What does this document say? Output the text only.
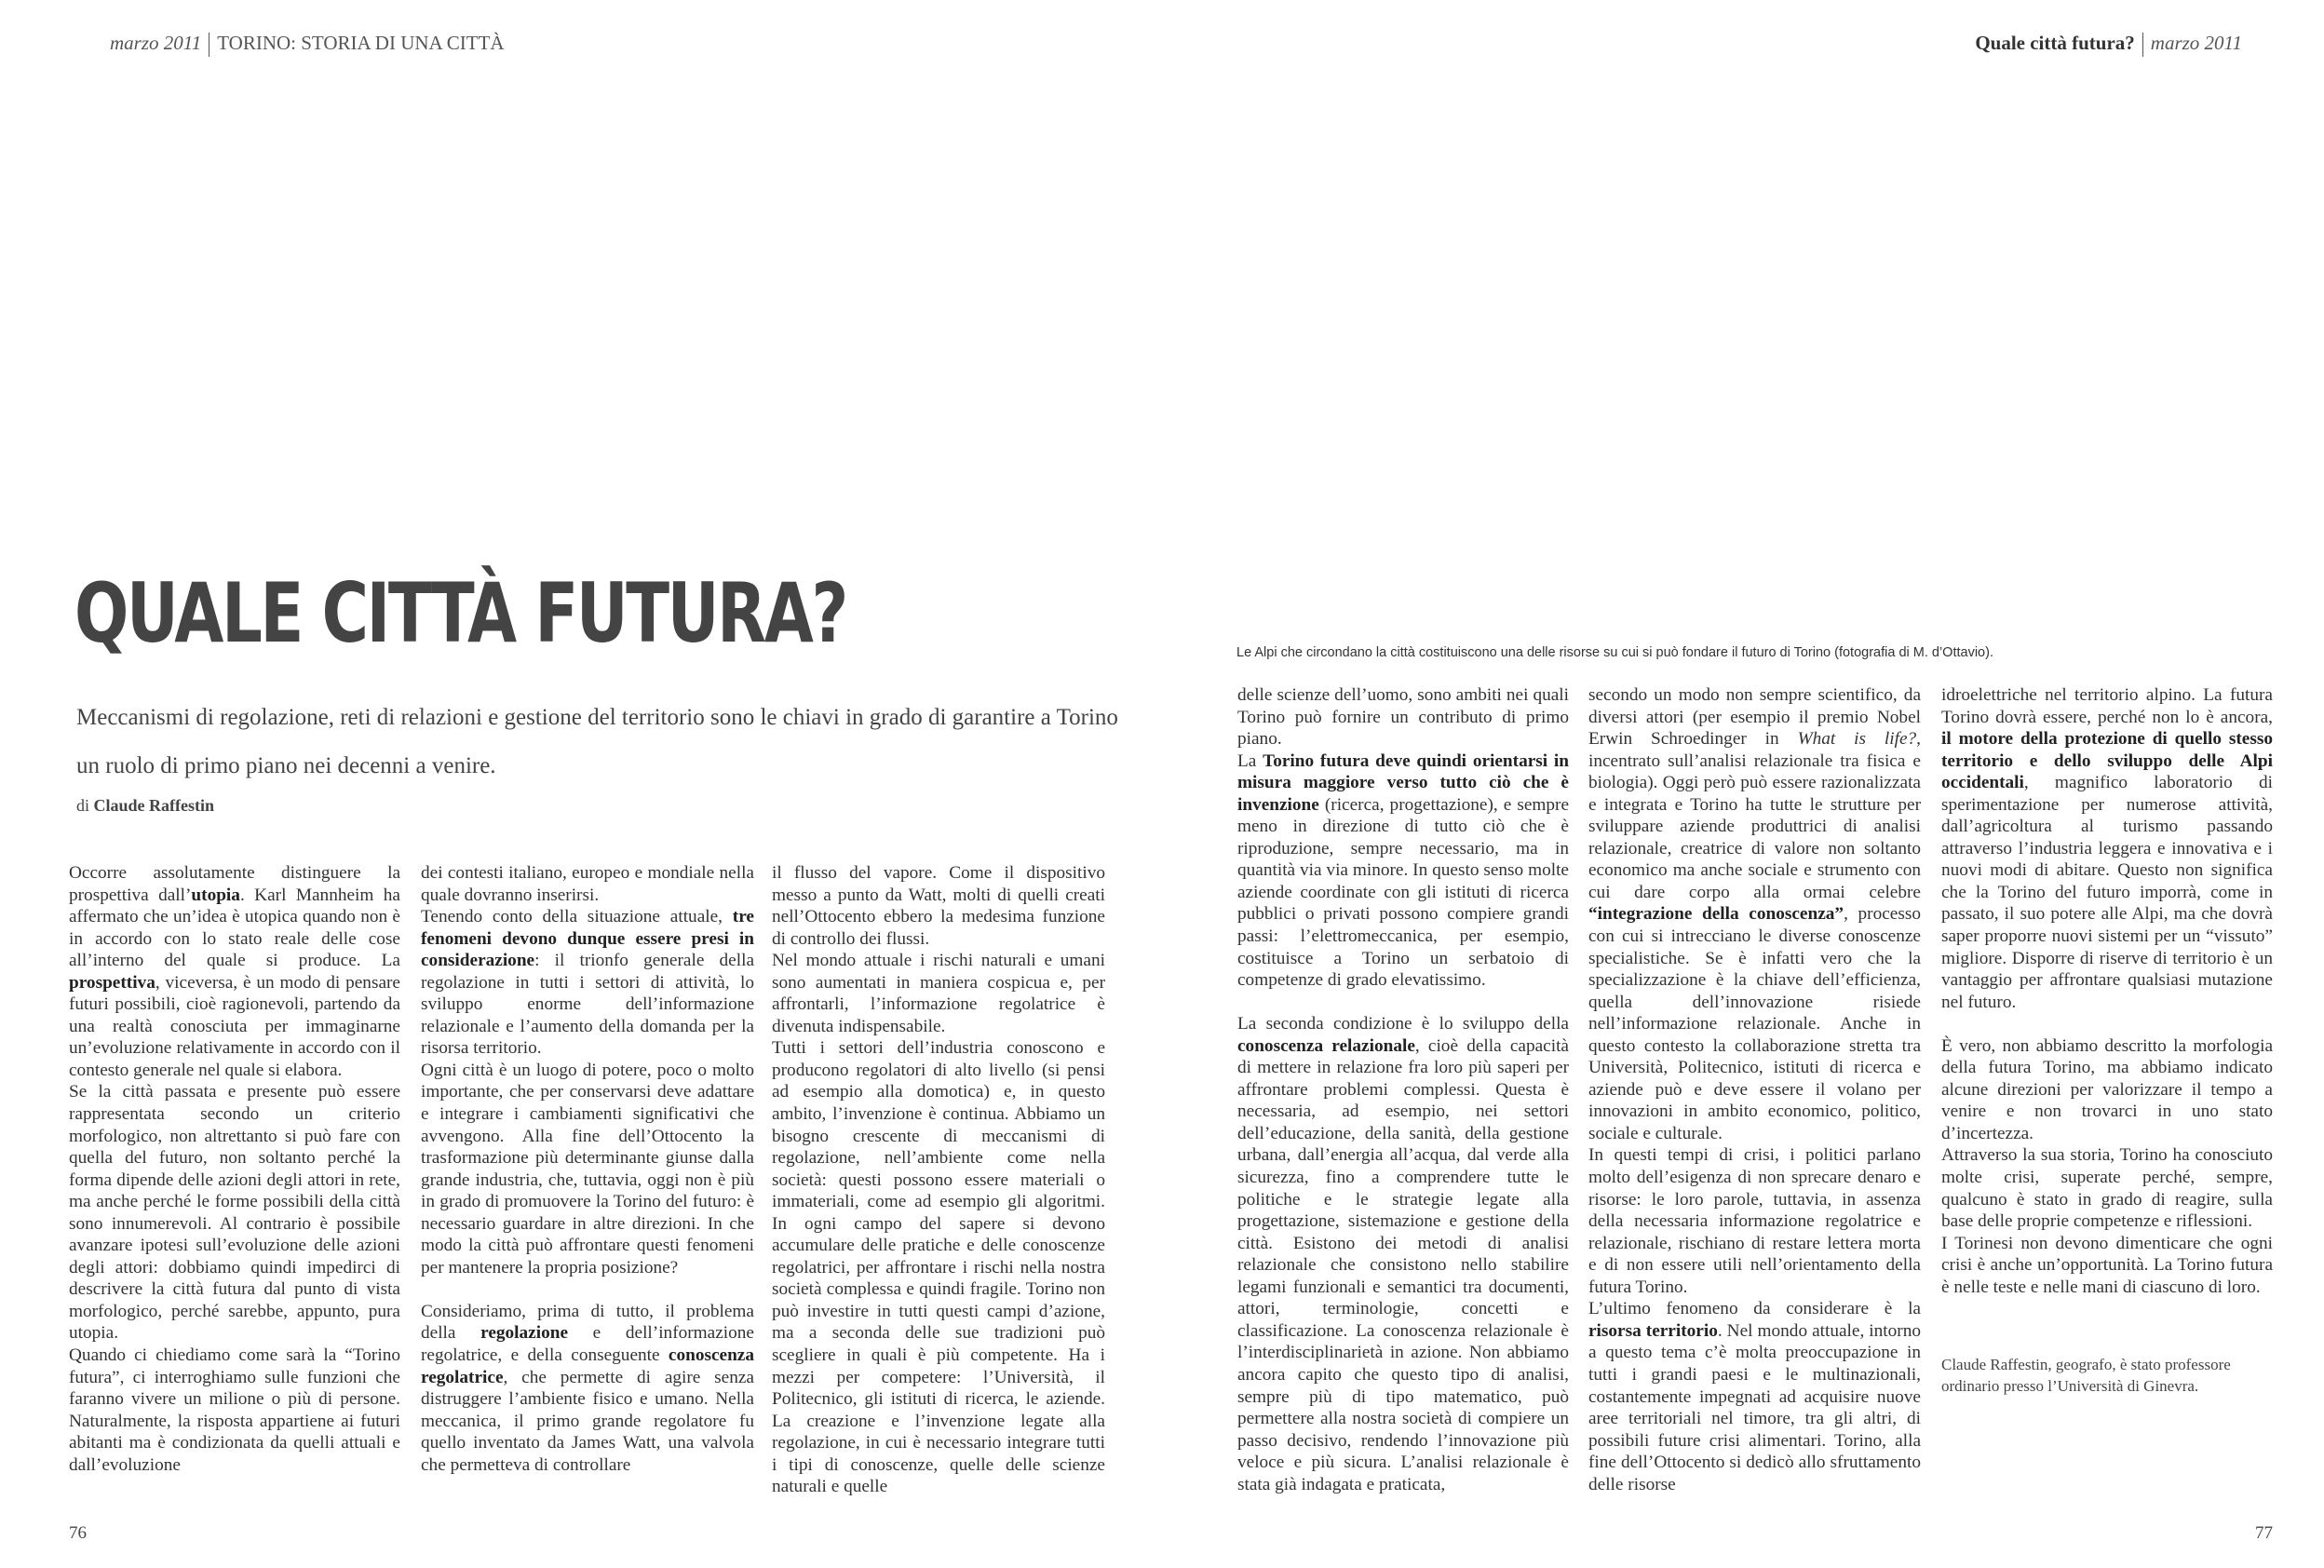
marzo 2011 TORINO: STORIA DI UNA CITTÀ	Quale città futura? marzo 2011
QUALE CITTÀ FUTURA?	Le Alpi che circondano la città costituiscono una delle risorse su cui si può fondare il futuro di Torino (fotografia di M. d’Ottavio).
Meccanismi di regolazione, reti di relazioni e gestione del territorio sono le chiavi in grado di garantire a Torino un ruolo di primo piano nei decenni a venire.
di Claude Raffestin

Occorre assolutamente distinguere la prospettiva dall’utopia. Karl Mannheim ha affermato che un’idea è utopica quando non è in accordo con lo stato reale delle cose all’interno del quale si produce. La prospettiva, viceversa, è un modo di pensare futuri possibili, cioè ragionevoli, partendo da una realtà conosciuta per immaginarne un’evoluzione relativamente in accordo con il contesto generale nel quale si elabora.

Se la città passata e presente può essere rappresentata secondo un criterio morfologico, non altrettanto si può fare con quella del futuro, non soltanto perché la forma dipende delle azioni degli attori in rete, ma anche perché le forme possibili della città sono innumerevoli. Al contrario è possibile avanzare ipotesi sull’evoluzione delle azioni degli attori: dobbiamo quindi impedirci di descrivere la città futura dal punto di vista morfologico, perché sarebbe, appunto, pura utopia.

Quando ci chiediamo come sarà la “Torino futura”, ci interroghiamo sulle funzioni che faranno vivere un milione o più di persone. Naturalmente, la risposta appartiene ai futuri abitanti ma è condizionata da quelli attuali e dall’evoluzione

dei contesti italiano, europeo e mondiale nella quale dovranno inserirsi.

Tenendo conto della situazione attuale, tre fenomeni devono dunque essere presi in considerazione: il trionfo generale della regolazione in tutti i settori di attività, lo sviluppo enorme dell’informazione relazionale e l’aumento della domanda per la risorsa territorio.

Ogni città è un luogo di potere, poco o molto importante, che per conservarsi deve adattare e integrare i cambiamenti significativi che avvengono. Alla fine dell’Ottocento la trasformazione più determinante giunse dalla grande industria, che, tuttavia, oggi non è più in grado di promuovere la Torino del futuro: è necessario guardare in altre direzioni. In che modo la città può affrontare questi fenomeni per mantenere la propria posizione?

Consideriamo, prima di tutto, il problema della regolazione e dell’informazione regolatrice, e della conseguente conoscenza regolatrice, che permette di agire senza distruggere l’ambiente fisico e umano. Nella meccanica, il primo grande regolatore fu quello inventato da James Watt, una valvola che permetteva di controllare

il flusso del vapore. Come il dispositivo messo a punto da Watt, molti di quelli creati nell’Ottocento ebbero la medesima funzione di controllo dei flussi.

Nel mondo attuale i rischi naturali e umani sono aumentati in maniera cospicua e, per affrontarli, l’informazione regolatrice è divenuta indispensabile.

Tutti i settori dell’industria conoscono e producono regolatori di alto livello (si pensi ad esempio alla domotica) e, in questo ambito, l’invenzione è continua. Abbiamo un bisogno crescente di meccanismi di regolazione, nell’ambiente come nella società: questi possono essere materiali o immateriali, come ad esempio gli algoritmi. In ogni campo del sapere si devono accumulare delle pratiche e delle conoscenze regolatrici, per affrontare i rischi nella nostra società complessa e quindi fragile. Torino non può investire in tutti questi campi d’azione, ma a seconda delle sue tradizioni può scegliere in quali è più competente. Ha i mezzi per competere: l’Università, il Politecnico, gli istituti di ricerca, le aziende. La creazione e l’invenzione legate alla regolazione, in cui è necessario integrare tutti i tipi di conoscenze, quelle delle scienze naturali e quelle

delle scienze dell’uomo, sono ambiti nei quali Torino può fornire un contributo di primo piano.

La Torino futura deve quindi orientarsi in misura maggiore verso tutto ciò che è invenzione (ricerca, progettazione), e sempre meno in direzione di tutto ciò che è riproduzione, sempre necessario, ma in quantità via via minore. In questo senso molte aziende coordinate con gli istituti di ricerca pubblici o privati possono compiere grandi passi: l’elettromeccanica, per esempio, costituisce a Torino un serbatoio di competenze di grado elevatissimo.

La seconda condizione è lo sviluppo della conoscenza relazionale, cioè della capacità di mettere in relazione fra loro più saperi per affrontare problemi complessi. Questa è necessaria, ad esempio, nei settori dell’educazione, della sanità, della gestione urbana, dall’energia all’acqua, dal verde alla sicurezza, fino a comprendere tutte le politiche e le strategie legate alla progettazione, sistemazione e gestione della città. Esistono dei metodi di analisi relazionale che consistono nello stabilire legami funzionali e semantici tra documenti, attori, terminologie, concetti e classificazione. La conoscenza relazionale è l’interdisciplinarietà in azione. Non abbiamo ancora capito che questo tipo di analisi, sempre più di tipo matematico, può permettere alla nostra società di compiere un passo decisivo, rendendo l’innovazione più veloce e più sicura. L’analisi relazionale è stata già indagata e praticata,

secondo un modo non sempre scientifico, da diversi attori (per esempio il premio Nobel Erwin Schroedinger in What is life?, incentrato sull’analisi relazionale tra fisica e biologia). Oggi però può essere razionalizzata e integrata e Torino ha tutte le strutture per sviluppare aziende produttrici di analisi relazionale, creatrice di valore non soltanto economico ma anche sociale e strumento con cui dare corpo alla ormai celebre “integrazione della conoscenza”, processo con cui si intrecciano le diverse conoscenze specialistiche. Se è infatti vero che la specializzazione è la chiave dell’efficienza, quella dell’innovazione risiede nell’informazione relazionale. Anche in questo contesto la collaborazione stretta tra Università, Politecnico, istituti di ricerca e aziende può e deve essere il volano per innovazioni in ambito economico, politico, sociale e culturale.

In questi tempi di crisi, i politici parlano molto dell’esigenza di non sprecare denaro e risorse: le loro parole, tuttavia, in assenza della necessaria informazione regolatrice e relazionale, rischiano di restare lettera morta e di non essere utili nell’orientamento della futura Torino.

L’ultimo fenomeno da considerare è la risorsa territorio. Nel mondo attuale, intorno a questo tema c’è molta preoccupazione in tutti i grandi paesi e le multinazionali, costantemente impegnati ad acquisire nuove aree territoriali nel timore, tra gli altri, di possibili future crisi alimentari. Torino, alla fine dell’Ottocento si dedicò allo sfruttamento delle risorse

idroelettriche nel territorio alpino. La futura Torino dovrà essere, perché non lo è ancora, il motore della protezione di quello stesso territorio e dello sviluppo delle Alpi occidentali, magnifico laboratorio di sperimentazione per numerose attività, dall’agricoltura al turismo passando attraverso l’industria leggera e innovativa e i nuovi modi di abitare. Questo non significa che la Torino del futuro imporrà, come in passato, il suo potere alle Alpi, ma che dovrà saper proporre nuovi sistemi per un “vissuto” migliore. Disporre di riserve di territorio è un vantaggio per affrontare qualsiasi mutazione nel futuro.

È vero, non abbiamo descritto la morfologia della futura Torino, ma abbiamo indicato alcune direzioni per valorizzare il tempo a venire e non trovarci in uno stato d’incertezza.

Attraverso la sua storia, Torino ha conosciuto molte crisi, superate perché, sempre, qualcuno è stato in grado di reagire, sulla base delle proprie competenze e riflessioni.

I Torinesi non devono dimenticare che ogni crisi è anche un’opportunità. La Torino futura è nelle teste e nelle mani di ciascuno di loro.

Claude Raffestin, geografo, è stato professore ordinario presso l’Università di Ginevra.

76	77
